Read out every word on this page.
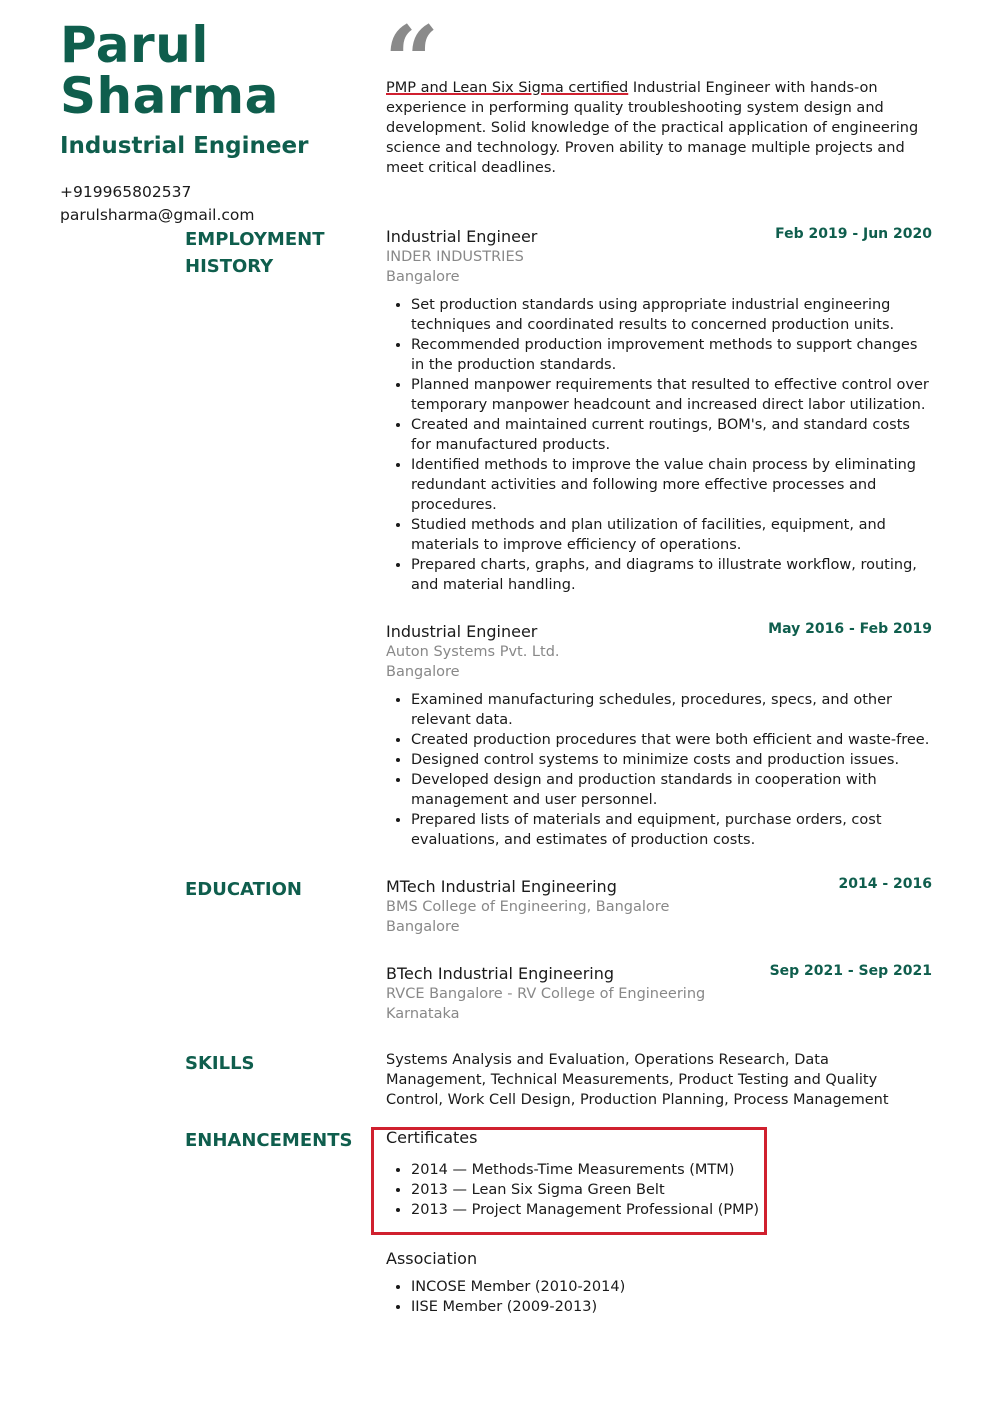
Parul
Sharma
Industrial Engineer
+919965802537
parulsharma@gmail.com
“
PMP and Lean Six Sigma certified Industrial Engineer with hands-on experience in performing quality troubleshooting system design and development. Solid knowledge of the practical application of engineering science and technology. Proven ability to manage multiple projects and meet critical deadlines.
EMPLOYMENT HISTORY
Industrial Engineer	Feb 2019 - Jun 2020
INDER INDUSTRIES
Bangalore
• Set production standards using appropriate industrial engineering techniques and coordinated results to concerned production units.
• Recommended production improvement methods to support changes in the production standards.
• Planned manpower requirements that resulted to effective control over temporary manpower headcount and increased direct labor utilization.
• Created and maintained current routings, BOM's, and standard costs for manufactured products.
• Identified methods to improve the value chain process by eliminating redundant activities and following more effective processes and procedures.
• Studied methods and plan utilization of facilities, equipment, and materials to improve efficiency of operations.
• Prepared charts, graphs, and diagrams to illustrate workflow, routing, and material handling.
Industrial Engineer	May 2016 - Feb 2019
Auton Systems Pvt. Ltd.
Bangalore
• Examined manufacturing schedules, procedures, specs, and other relevant data.
• Created production procedures that were both efficient and waste-free.
• Designed control systems to minimize costs and production issues.
• Developed design and production standards in cooperation with management and user personnel.
• Prepared lists of materials and equipment, purchase orders, cost evaluations, and estimates of production costs.
EDUCATION	MTech Industrial Engineering	2014 - 2016
BMS College of Engineering, Bangalore
Bangalore
BTech Industrial Engineering	Sep 2021 - Sep 2021
RVCE Bangalore - RV College of Engineering
Karnataka
SKILLS	Systems Analysis and Evaluation, Operations Research, Data Management, Technical Measurements, Product Testing and Quality Control, Work Cell Design, Production Planning, Process Management
ENHANCEMENTS	Certificates
• 2014 — Methods-Time Measurements (MTM)
• 2013 — Lean Six Sigma Green Belt
• 2013 — Project Management Professional (PMP)
Association
• INCOSE Member (2010-2014)
• IISE Member (2009-2013)
